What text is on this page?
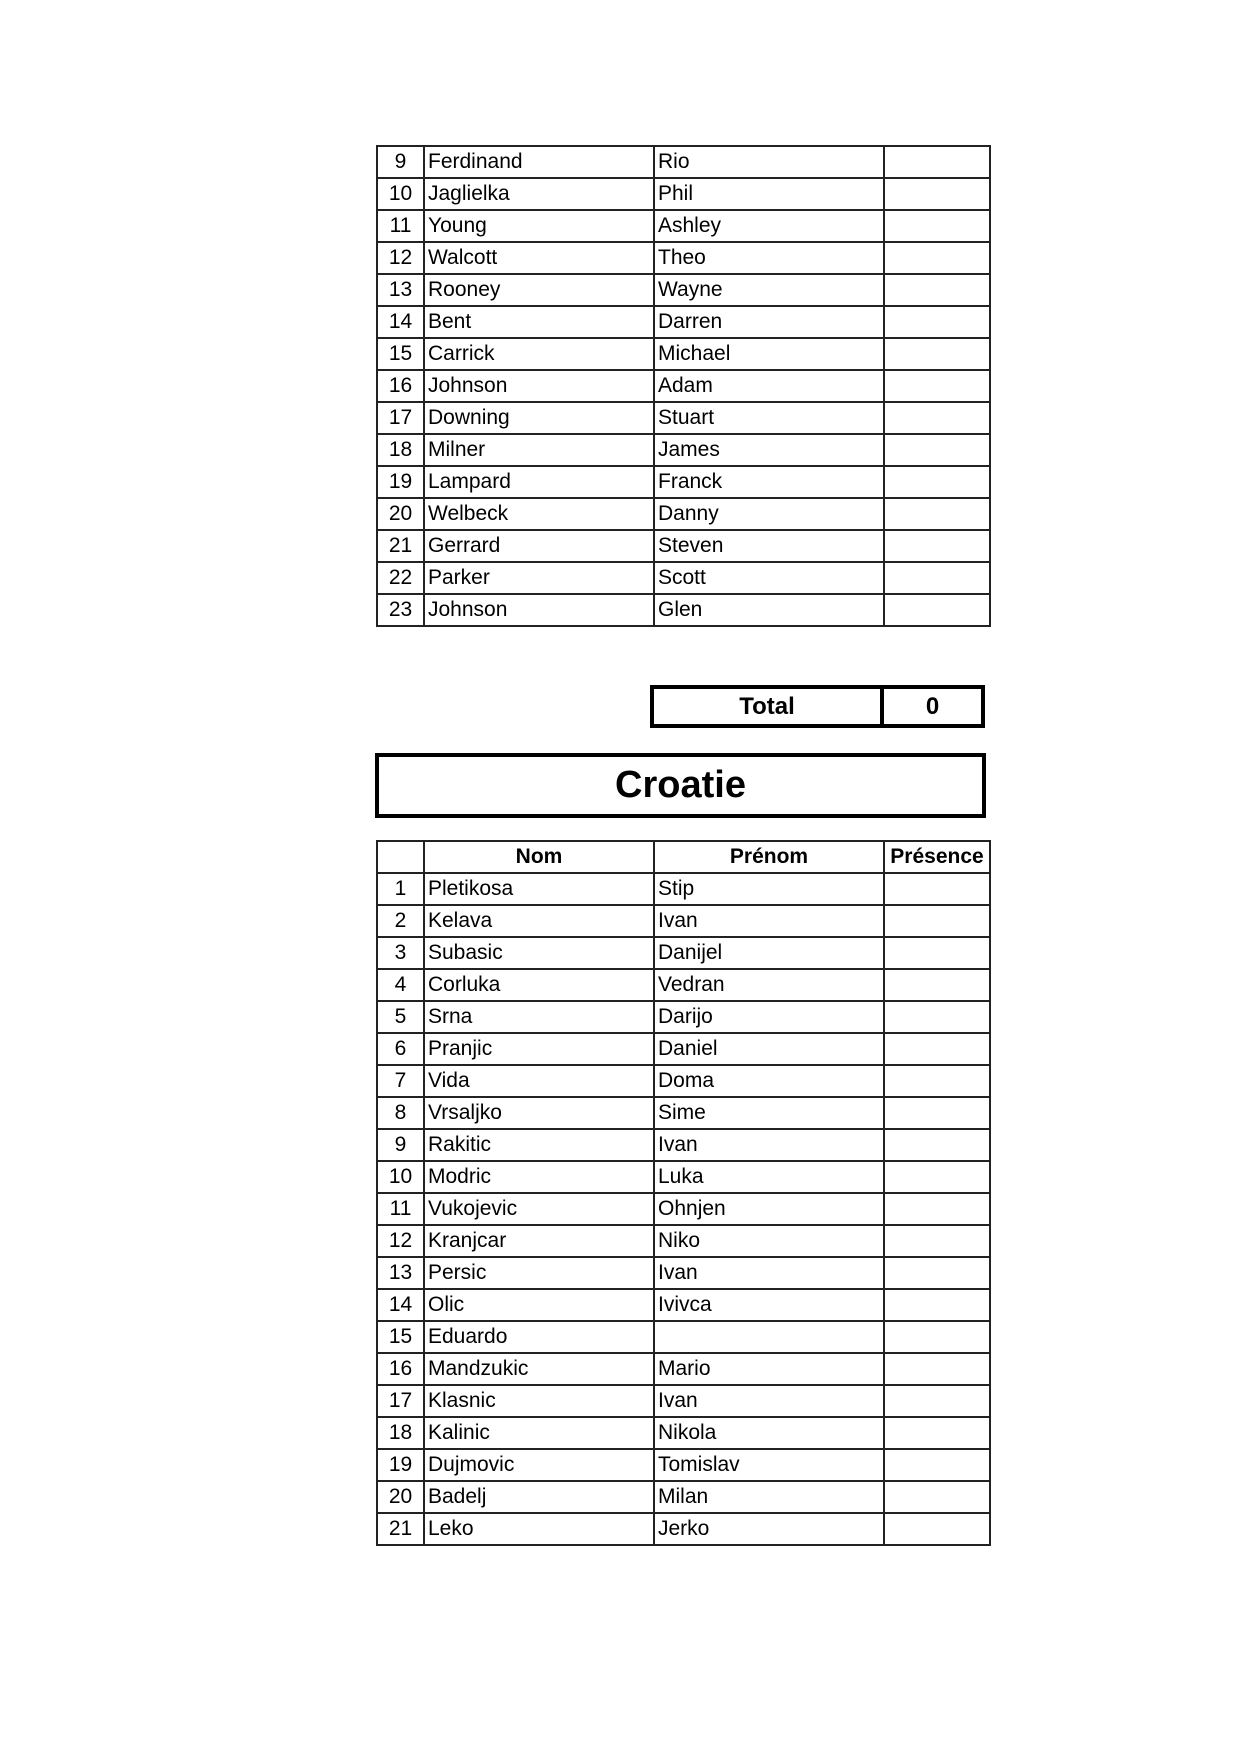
9	Ferdinand	Rio	
10	Jaglielka	Phil	
11	Young	Ashley	
12	Walcott	Theo	
13	Rooney	Wayne	
14	Bent	Darren	
15	Carrick	Michael	
16	Johnson	Adam	
17	Downing	Stuart	
18	Milner	James	
19	Lampard	Franck	
20	Welbeck	Danny	
21	Gerrard	Steven	
22	Parker	Scott	
23	Johnson	Glen	
Total	0
Croatie
	Nom	Prénom	Présence
1	Pletikosa	Stip	
2	Kelava	Ivan	
3	Subasic	Danijel	
4	Corluka	Vedran	
5	Srna	Darijo	
6	Pranjic	Daniel	
7	Vida	Doma	
8	Vrsaljko	Sime	
9	Rakitic	Ivan	
10	Modric	Luka	
11	Vukojevic	Ohnjen	
12	Kranjcar	Niko	
13	Persic	Ivan	
14	Olic	Ivivca	
15	Eduardo		
16	Mandzukic	Mario	
17	Klasnic	Ivan	
18	Kalinic	Nikola	
19	Dujmovic	Tomislav	
20	Badelj	Milan	
21	Leko	Jerko	
